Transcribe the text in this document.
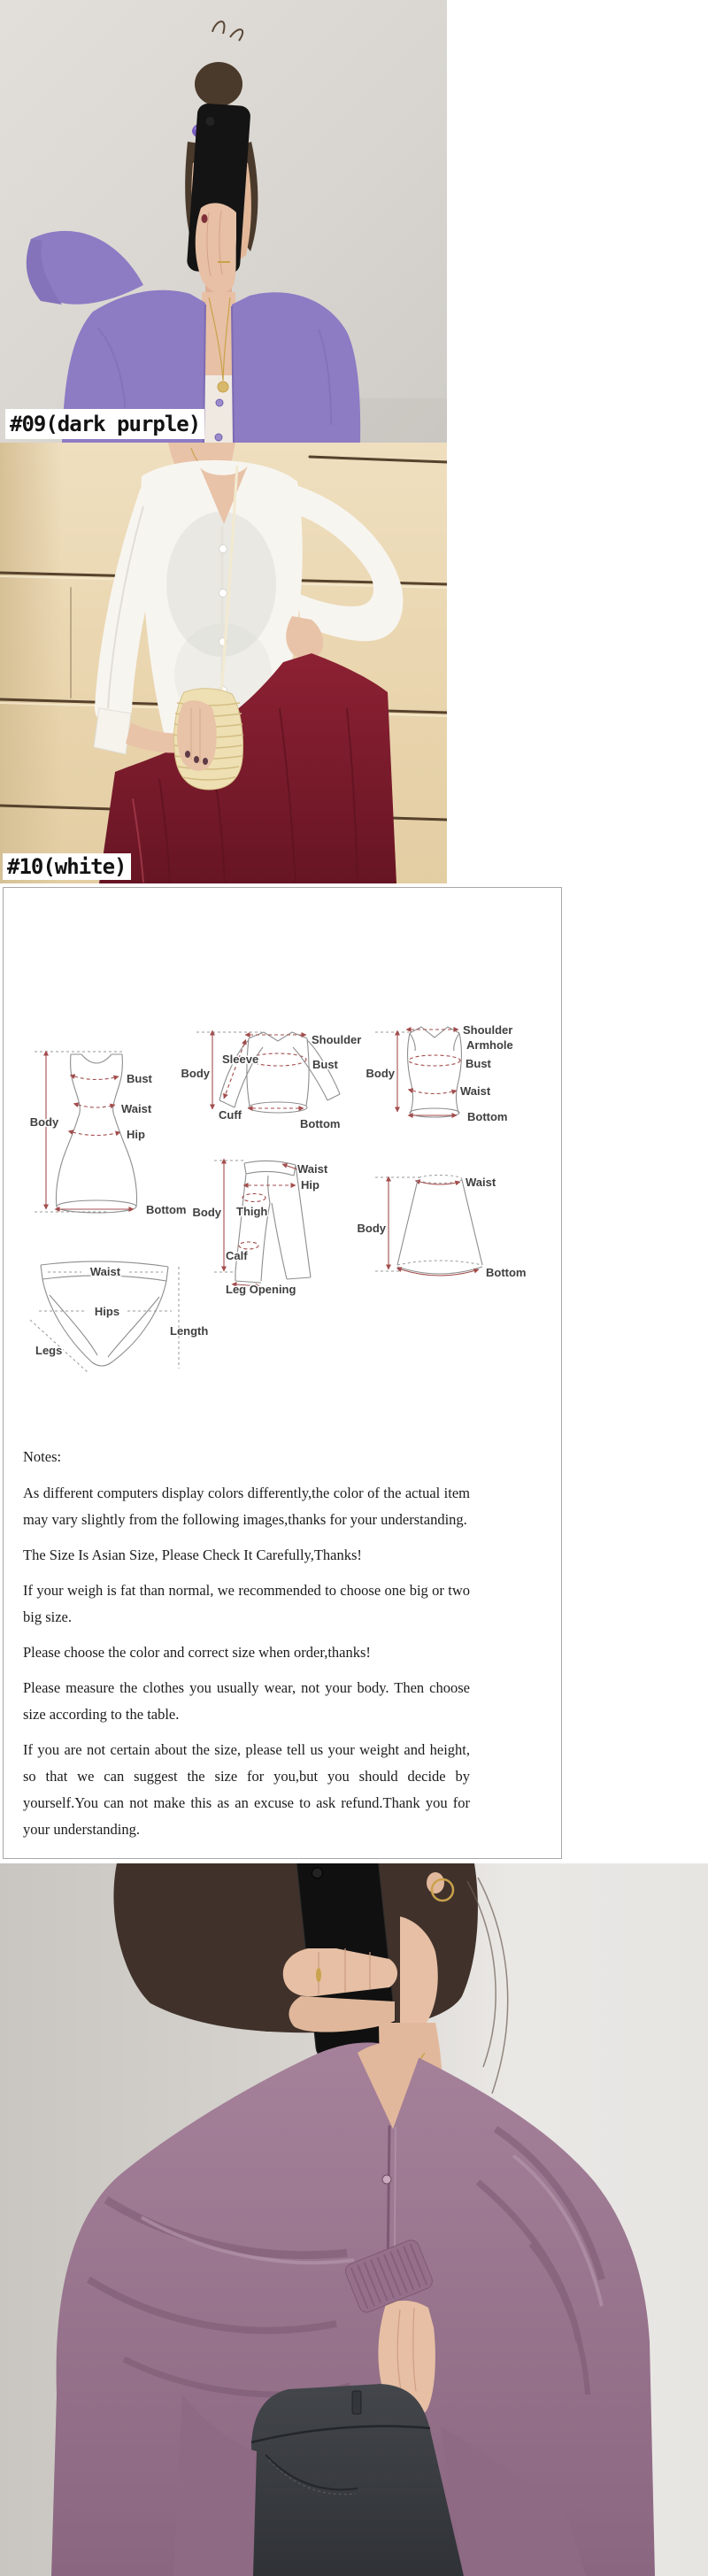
#09(dark purple)
#10(white)
Body
Bust
Waist
Hip
Bottom
Shoulder
Sleeve
Body
Bust
Cuff
Bottom
Shoulder
Armhole
Body
Bust
Waist
Bottom
Waist
Hip
Body Thigh
Calf
Leg Opening
Waist
Body
Bottom
Waist
Hips
Legs
Length
Notes:

As different computers display colors differently,the color of the actual item may vary slightly from the following images,thanks for your understanding.

The Size Is Asian Size, Please Check It Carefully,Thanks!

If your weigh is fat than normal, we recommended to choose one big or two big size.

Please choose the color and correct size when order,thanks!

Please measure the clothes you usually wear, not your body. Then choose size according to the table.

If you are not certain about the size, please tell us your weight and height, so that we can suggest the size for you,but you should decide by yourself.You can not make this as an excuse to ask refund.Thank you for your understanding.
